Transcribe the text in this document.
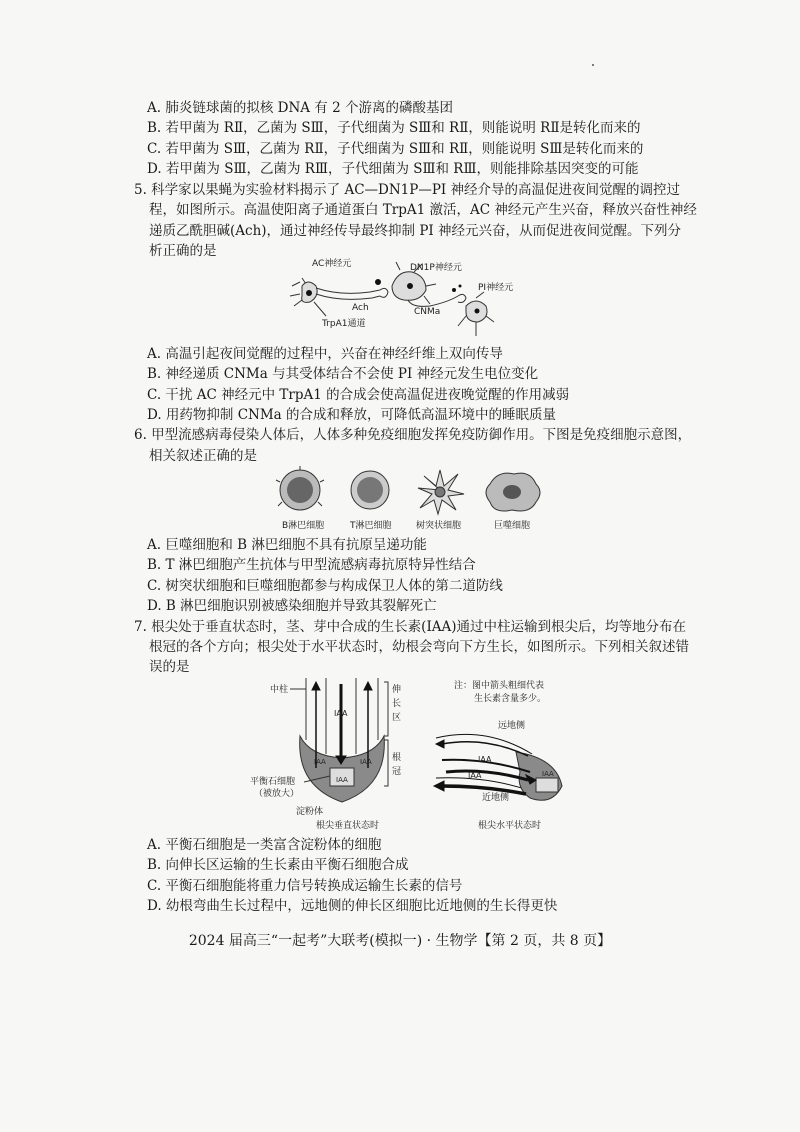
A. 肺炎链球菌的拟核 DNA 有 2 个游离的磷酸基团
B. 若甲菌为 RⅡ，乙菌为 SⅢ，子代细菌为 SⅢ和 RⅡ，则能说明 RⅡ是转化而来的
C. 若甲菌为 SⅢ，乙菌为 RⅡ，子代细菌为 SⅢ和 RⅡ，则能说明 SⅢ是转化而来的
D. 若甲菌为 SⅢ，乙菌为 RⅢ，子代细菌为 SⅢ和 RⅢ，则能排除基因突变的可能
5. 科学家以果蝇为实验材料揭示了 AC—DN1P—PI 神经介导的高温促进夜间觉醒的调控过
程，如图所示。高温使阳离子通道蛋白 TrpA1 激活，AC 神经元产生兴奋，释放兴奋性神经
递质乙酰胆碱(Ach)，通过神经传导最终抑制 PI 神经元兴奋，从而促进夜间觉醒。下列分
析正确的是
AC神经元	DN1P神经元
PI神经元
Ach
TrpA1通道
CNMa
A. 高温引起夜间觉醒的过程中，兴奋在神经纤维上双向传导
B. 神经递质 CNMa 与其受体结合不会使 PI 神经元发生电位变化
C. 干扰 AC 神经元中 TrpA1 的合成会使高温促进夜晚觉醒的作用减弱
D. 用药物抑制 CNMa 的合成和释放，可降低高温环境中的睡眠质量
6. 甲型流感病毒侵染人体后，人体多种免疫细胞发挥免疫防御作用。下图是免疫细胞示意图，
相关叙述正确的是
B淋巴细胞	T淋巴细胞	树突状细胞	巨噬细胞
A. 巨噬细胞和 B 淋巴细胞不具有抗原呈递功能
B. T 淋巴细胞产生抗体与甲型流感病毒抗原特异性结合
C. 树突状细胞和巨噬细胞都参与构成保卫人体的第二道防线
D. B 淋巴细胞识别被感染细胞并导致其裂解死亡
7. 根尖处于垂直状态时，茎、芽中合成的生长素(IAA)通过中柱运输到根尖后，均等地分布在
根冠的各个方向；根尖处于水平状态时，幼根会弯向下方生长，如图所示。下列相关叙述错
误的是
中柱
IAA
IAA
IAA
IAA
伸
长
区
根
冠
平衡石细胞
（被放大）
淀粉体
根尖垂直状态时
注：图中箭头粗细代表
生长素含量多少。
远地侧
IAA
IAA	IAA
近地侧
根尖水平状态时
A. 平衡石细胞是一类富含淀粉体的细胞
B. 向伸长区运输的生长素由平衡石细胞合成
C. 平衡石细胞能将重力信号转换成运输生长素的信号
D. 幼根弯曲生长过程中，远地侧的伸长区细胞比近地侧的生长得更快
2024 届高三“一起考”大联考(模拟一) · 生物学【第 2 页，共 8 页】
